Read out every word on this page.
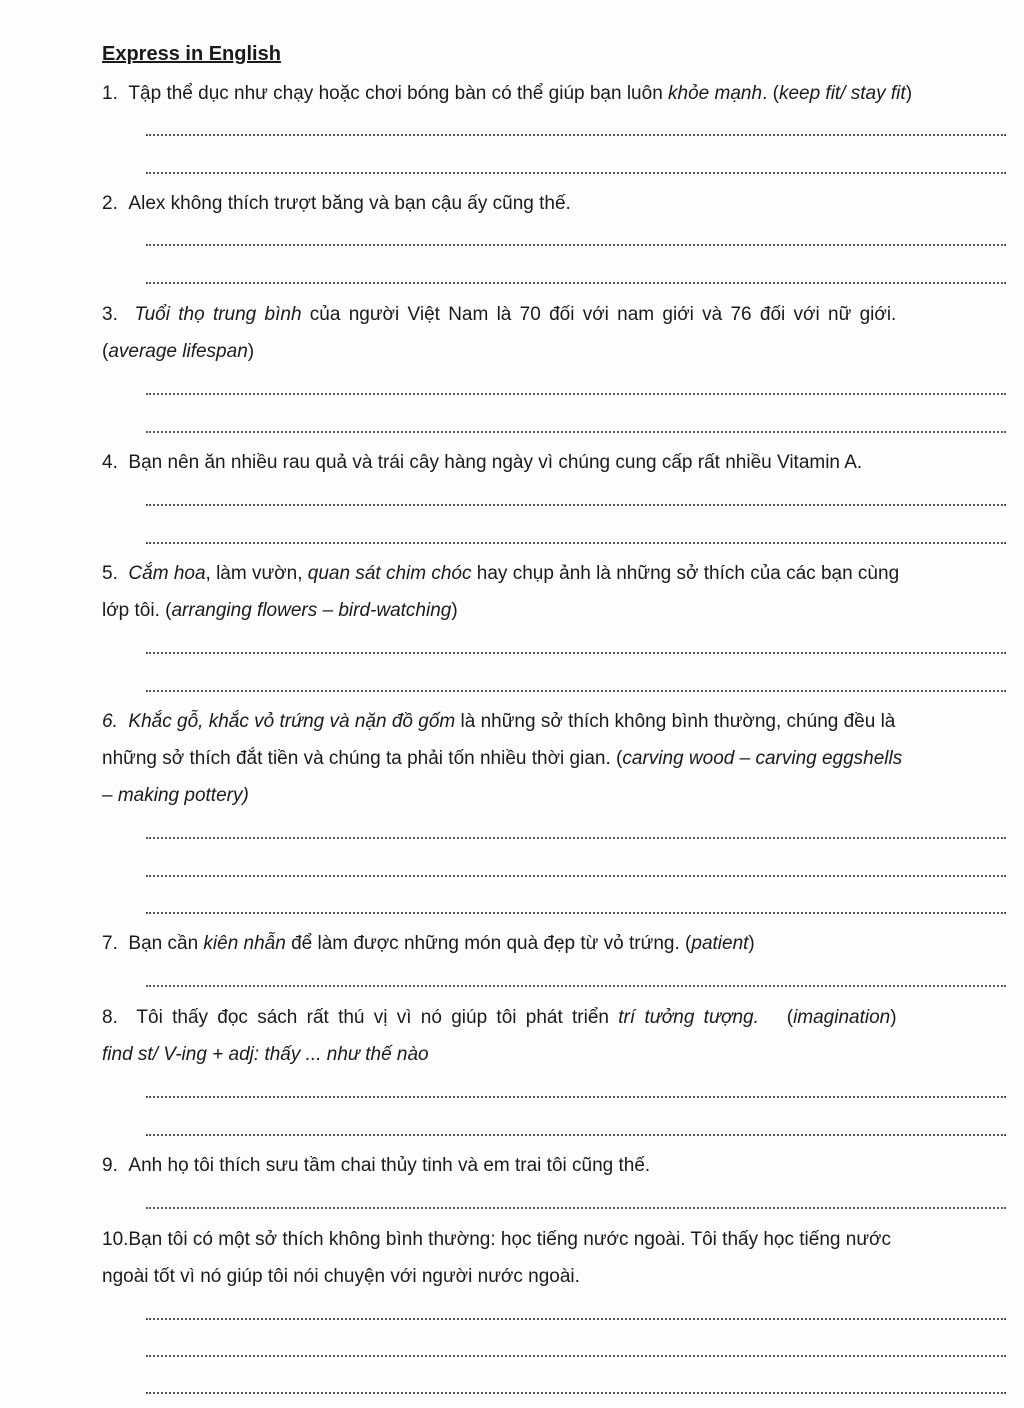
Express in English
1. Tập thể dục như chạy hoặc chơi bóng bàn có thể giúp bạn luôn khỏe mạnh. (keep fit/ stay fit)
2. Alex không thích trượt băng và bạn cậu ấy cũng thế.
3. Tuổi thọ trung bình của người Việt Nam là 70 đối với nam giới và 76 đối với nữ giới.
(average lifespan)
4. Bạn nên ăn nhiều rau quả và trái cây hàng ngày vì chúng cung cấp rất nhiều Vitamin A.
5. Cắm hoa, làm vườn, quan sát chim chóc hay chụp ảnh là những sở thích của các bạn cùng
lớp tôi. (arranging flowers – bird-watching)
6. Khắc gỗ, khắc vỏ trứng và nặn đồ gốm là những sở thích không bình thường, chúng đều là
những sở thích đắt tiền và chúng ta phải tốn nhiều thời gian. (carving wood – carving eggshells
– making pottery)
7. Bạn cần kiên nhẫn để làm được những món quà đẹp từ vỏ trứng. (patient)
8. Tôi thấy đọc sách rất thú vị vì nó giúp tôi phát triển trí tưởng tượng. (imagination)
find st/ V-ing + adj: thấy ... như thế nào
9. Anh họ tôi thích sưu tầm chai thủy tinh và em trai tôi cũng thế.
10.Bạn tôi có một sở thích không bình thường: học tiếng nước ngoài. Tôi thấy học tiếng nước
ngoài tốt vì nó giúp tôi nói chuyện với người nước ngoài.
